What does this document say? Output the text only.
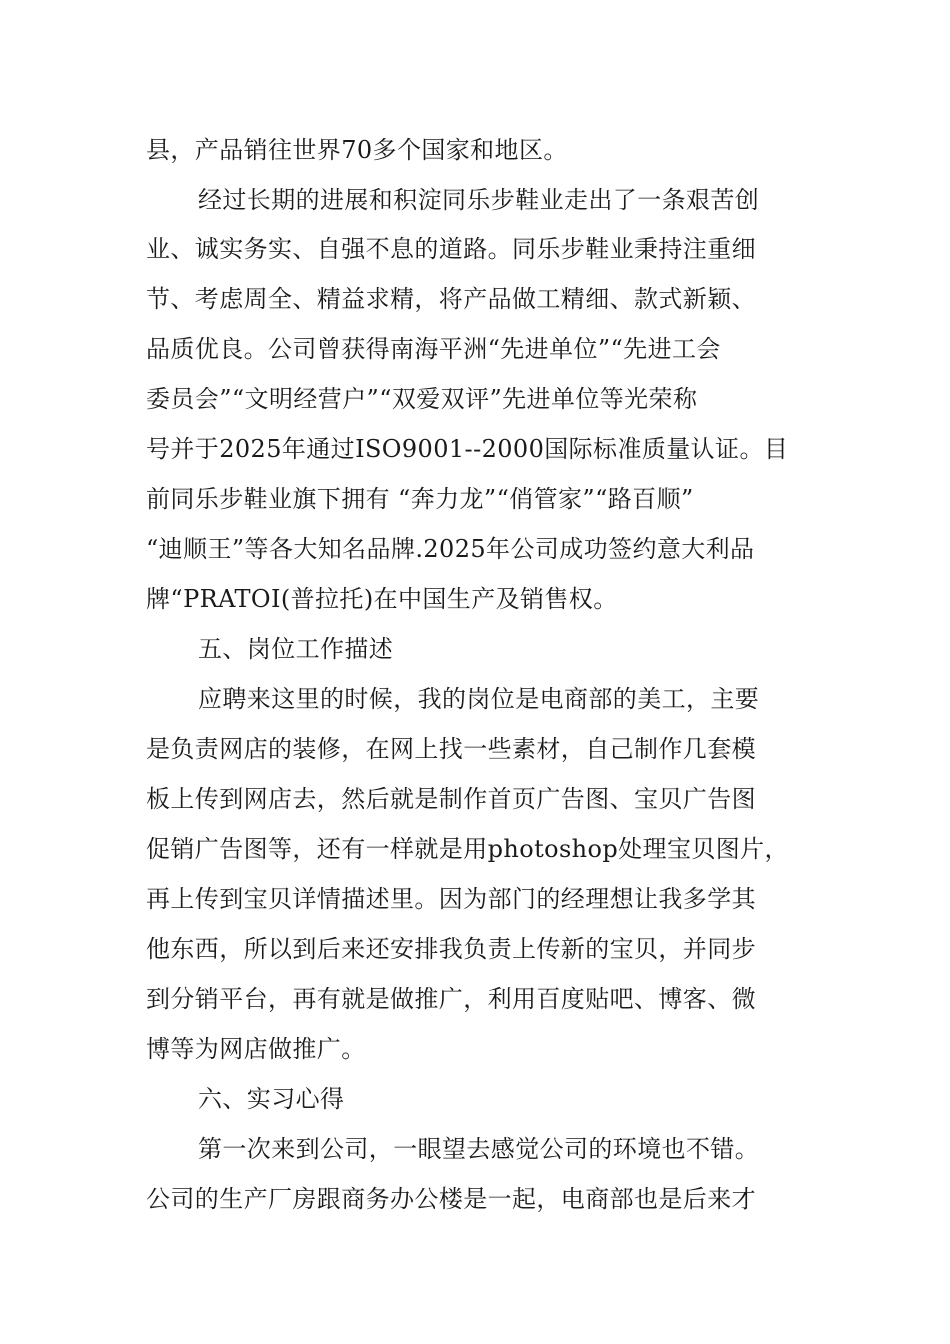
县，产品销往世界70多个国家和地区。
经过长期的进展和积淀同乐步鞋业走出了一条艰苦创
业、诚实务实、自强不息的道路。同乐步鞋业秉持注重细
节、考虑周全、精益求精，将产品做工精细、款式新颖、
品质优良。公司曾获得南海平洲“先进单位”“先进工会
委员会”“文明经营户”“双爱双评”先进单位等光荣称
号并于2025年通过ISO9001--2000国际标准质量认证。目
前同乐步鞋业旗下拥有 “奔力龙”“俏管家”“路百顺”
“迪顺王”等各大知名品牌.2025年公司成功签约意大利品
牌“PRATOI(普拉托)在中国生产及销售权。
五、岗位工作描述
应聘来这里的时候，我的岗位是电商部的美工，主要
是负责网店的装修，在网上找一些素材，自己制作几套模
板上传到网店去，然后就是制作首页广告图、宝贝广告图
促销广告图等，还有一样就是用photoshop处理宝贝图片，
再上传到宝贝详情描述里。因为部门的经理想让我多学其
他东西，所以到后来还安排我负责上传新的宝贝，并同步
到分销平台，再有就是做推广，利用百度贴吧、博客、微
博等为网店做推广。
六、实习心得
第一次来到公司，一眼望去感觉公司的环境也不错。
公司的生产厂房跟商务办公楼是一起，电商部也是后来才
